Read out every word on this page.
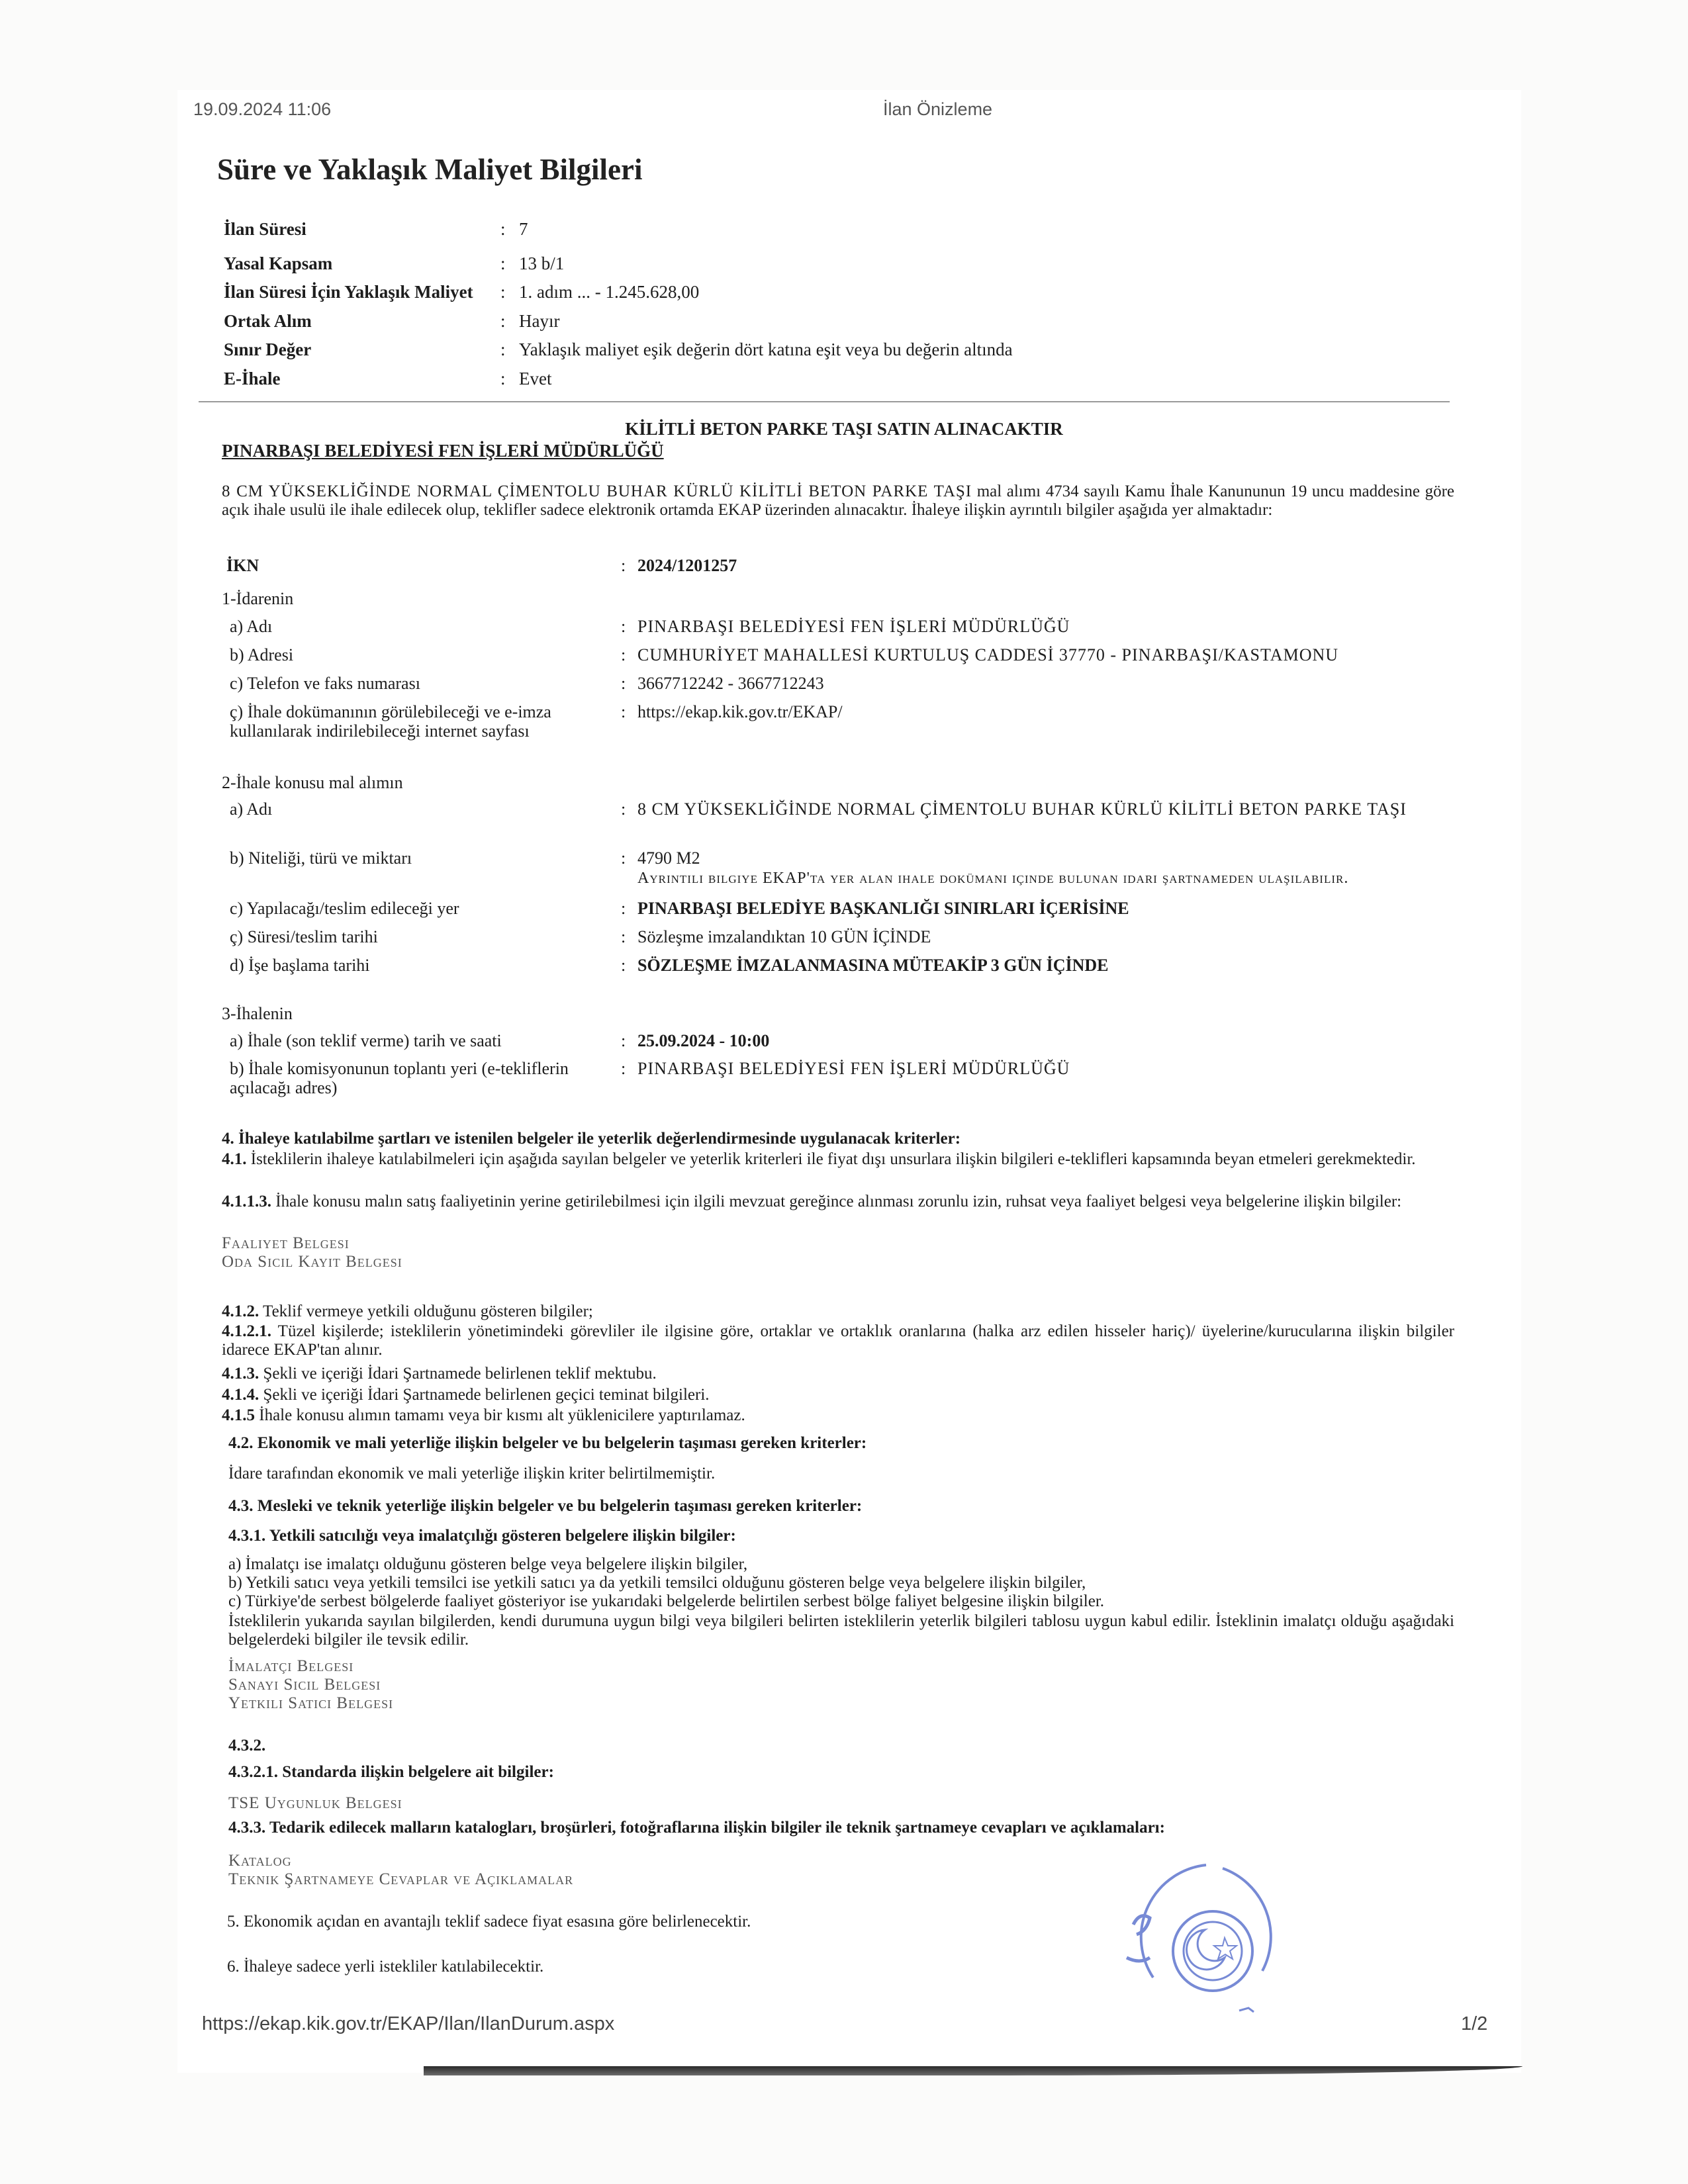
19.09.2024 11:06	İlan Önizleme
Süre ve Yaklaşık Maliyet Bilgileri
İlan Süresi	: 7
Yasal Kapsam	: 13 b/1
İlan Süresi İçin Yaklaşık Maliyet : 1. adım ... - 1.245.628,00
Ortak Alım	: Hayır
Sınır Değer	: Yaklaşık maliyet eşik değerin dört katına eşit veya bu değerin altında
E-İhale	: Evet
KİLİTLİ BETON PARKE TAŞI SATIN ALINACAKTIR
PINARBAŞI BELEDİYESİ FEN İŞLERİ MÜDÜRLÜĞÜ
8 CM YÜKSEKLİĞİNDE NORMAL ÇİMENTOLU BUHAR KÜRLÜ KİLİTLİ BETON PARKE TAŞI mal alımı 4734 sayılı Kamu İhale Kanununun 19 uncu maddesine göre açık ihale usulü ile ihale edilecek olup, teklifler sadece elektronik ortamda EKAP üzerinden alınacaktır. İhaleye ilişkin ayrıntılı bilgiler aşağıda yer almaktadır:
İKN	: 2024/1201257
1-İdarenin
a) Adı	: PINARBAŞI BELEDİYESİ FEN İŞLERİ MÜDÜRLÜĞÜ
b) Adresi	: CUMHURİYET MAHALLESİ KURTULUŞ CADDESİ 37770 - PINARBAŞI/KASTAMONU
c) Telefon ve faks numarası	: 3667712242 - 3667712243
ç) İhale dokümanının görülebileceği ve e-imza kullanılarak indirilebileceği internet sayfası
: https://ekap.kik.gov.tr/EKAP/
2-İhale konusu mal alımın
a) Adı	: 8 CM YÜKSEKLİĞİNDE NORMAL ÇİMENTOLU BUHAR KÜRLÜ KİLİTLİ BETON PARKE TAŞI
b) Niteliği, türü ve miktarı	: 4790 M2
Ayrıntılı bilgiye EKAP'ta yer alan ihale dokümanı içinde bulunan idari şartnameden ulaşılabilir.
c) Yapılacağı/teslim edileceği yer	: PINARBAŞI BELEDİYE BAŞKANLIĞI SINIRLARI İÇERİSİNE
ç) Süresi/teslim tarihi	: Sözleşme imzalandıktan 10 GÜN İÇİNDE
d) İşe başlama tarihi	: SÖZLEŞME İMZALANMASINA MÜTEAKİP 3 GÜN İÇİNDE
3-İhalenin
a) İhale (son teklif verme) tarih ve saati	: 25.09.2024 - 10:00
b) İhale komisyonunun toplantı yeri (e-tekliflerin açılacağı adres)
: PINARBAŞI BELEDİYESİ FEN İŞLERİ MÜDÜRLÜĞÜ
4. İhaleye katılabilme şartları ve istenilen belgeler ile yeterlik değerlendirmesinde uygulanacak kriterler:
4.1. İsteklilerin ihaleye katılabilmeleri için aşağıda sayılan belgeler ve yeterlik kriterleri ile fiyat dışı unsurlara ilişkin bilgileri e-teklifleri kapsamında beyan etmeleri gerekmektedir.
4.1.1.3. İhale konusu malın satış faaliyetinin yerine getirilebilmesi için ilgili mevzuat gereğince alınması zorunlu izin, ruhsat veya faaliyet belgesi veya belgelerine ilişkin bilgiler:
Faaliyet Belgesi
Oda Sicil Kayıt Belgesi
4.1.2. Teklif vermeye yetkili olduğunu gösteren bilgiler;
4.1.2.1. Tüzel kişilerde; isteklilerin yönetimindeki görevliler ile ilgisine göre, ortaklar ve ortaklık oranlarına (halka arz edilen hisseler hariç)/ üyelerine/kurucularına ilişkin bilgiler idarece EKAP'tan alınır.
4.1.3. Şekli ve içeriği İdari Şartnamede belirlenen teklif mektubu.
4.1.4. Şekli ve içeriği İdari Şartnamede belirlenen geçici teminat bilgileri.
4.1.5 İhale konusu alımın tamamı veya bir kısmı alt yüklenicilere yaptırılamaz.
4.2. Ekonomik ve mali yeterliğe ilişkin belgeler ve bu belgelerin taşıması gereken kriterler:
İdare tarafından ekonomik ve mali yeterliğe ilişkin kriter belirtilmemiştir.
4.3. Mesleki ve teknik yeterliğe ilişkin belgeler ve bu belgelerin taşıması gereken kriterler:
4.3.1. Yetkili satıcılığı veya imalatçılığı gösteren belgelere ilişkin bilgiler:
a) İmalatçı ise imalatçı olduğunu gösteren belge veya belgelere ilişkin bilgiler,
b) Yetkili satıcı veya yetkili temsilci ise yetkili satıcı ya da yetkili temsilci olduğunu gösteren belge veya belgelere ilişkin bilgiler,
c) Türkiye'de serbest bölgelerde faaliyet gösteriyor ise yukarıdaki belgelerde belirtilen serbest bölge faliyet belgesine ilişkin bilgiler.
İsteklilerin yukarıda sayılan bilgilerden, kendi durumuna uygun bilgi veya bilgileri belirten isteklilerin yeterlik bilgileri tablosu uygun kabul edilir. İsteklinin imalatçı olduğu aşağıdaki belgelerdeki bilgiler ile tevsik edilir.
İmalatçı Belgesi
Sanayi Sicil Belgesi
Yetkili Satıcı Belgesi
4.3.2.
4.3.2.1. Standarda ilişkin belgelere ait bilgiler:
TSE Uygunluk Belgesi
4.3.3. Tedarik edilecek malların katalogları, broşürleri, fotoğraflarına ilişkin bilgiler ile teknik şartnameye cevapları ve açıklamaları:
Katalog
Teknik Şartnameye Cevaplar ve Açıklamalar
5. Ekonomik açıdan en avantajlı teklif sadece fiyat esasına göre belirlenecektir.
6. İhaleye sadece yerli istekliler katılabilecektir.
https://ekap.kik.gov.tr/EKAP/Ilan/IlanDurum.aspx	1/2
